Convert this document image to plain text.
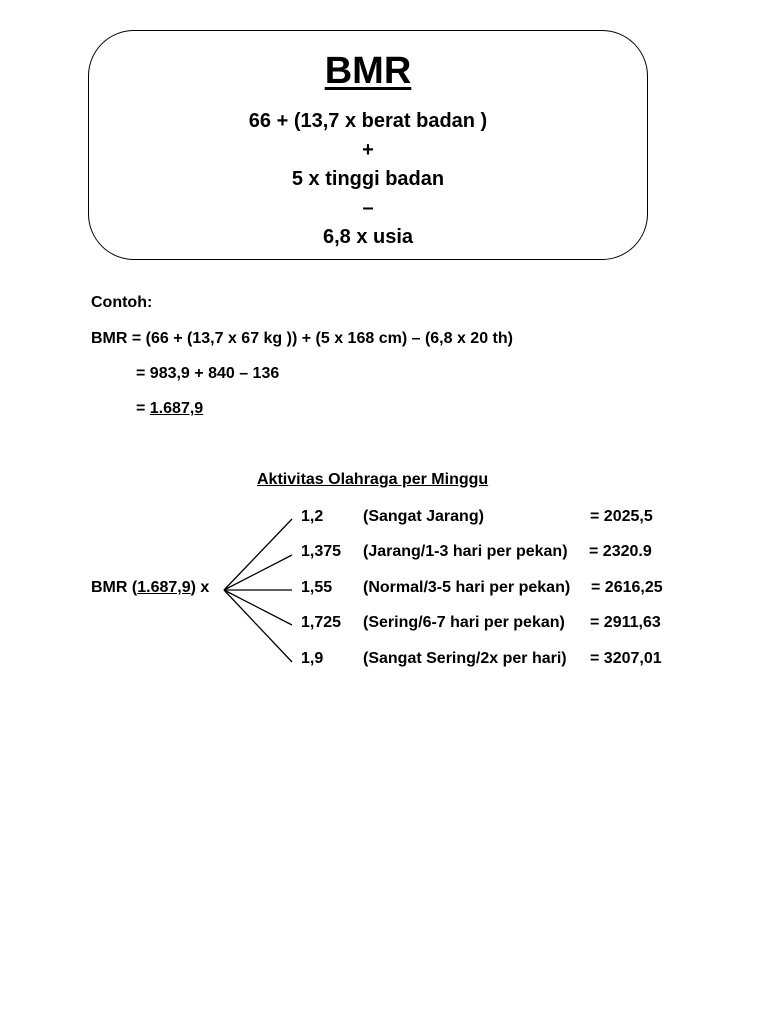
BMR
66 + (13,7 x berat badan )
+
5 x tinggi badan
–
6,8 x usia
Contoh:
BMR = (66 + (13,7 x 67 kg )) + (5 x 168 cm) – (6,8 x 20 th)
= 983,9 + 840 – 136
= 1.687,9
Aktivitas Olahraga per Minggu
BMR (1.687,9) x
1,2 (Sangat Jarang)	= 2025,5
1,375 (Jarang/1-3 hari per pekan) = 2320.9
1,55 (Normal/3-5 hari per pekan) = 2616,25
1,725 (Sering/6-7 hari per pekan) = 2911,63
1,9 (Sangat Sering/2x per hari) = 3207,01
